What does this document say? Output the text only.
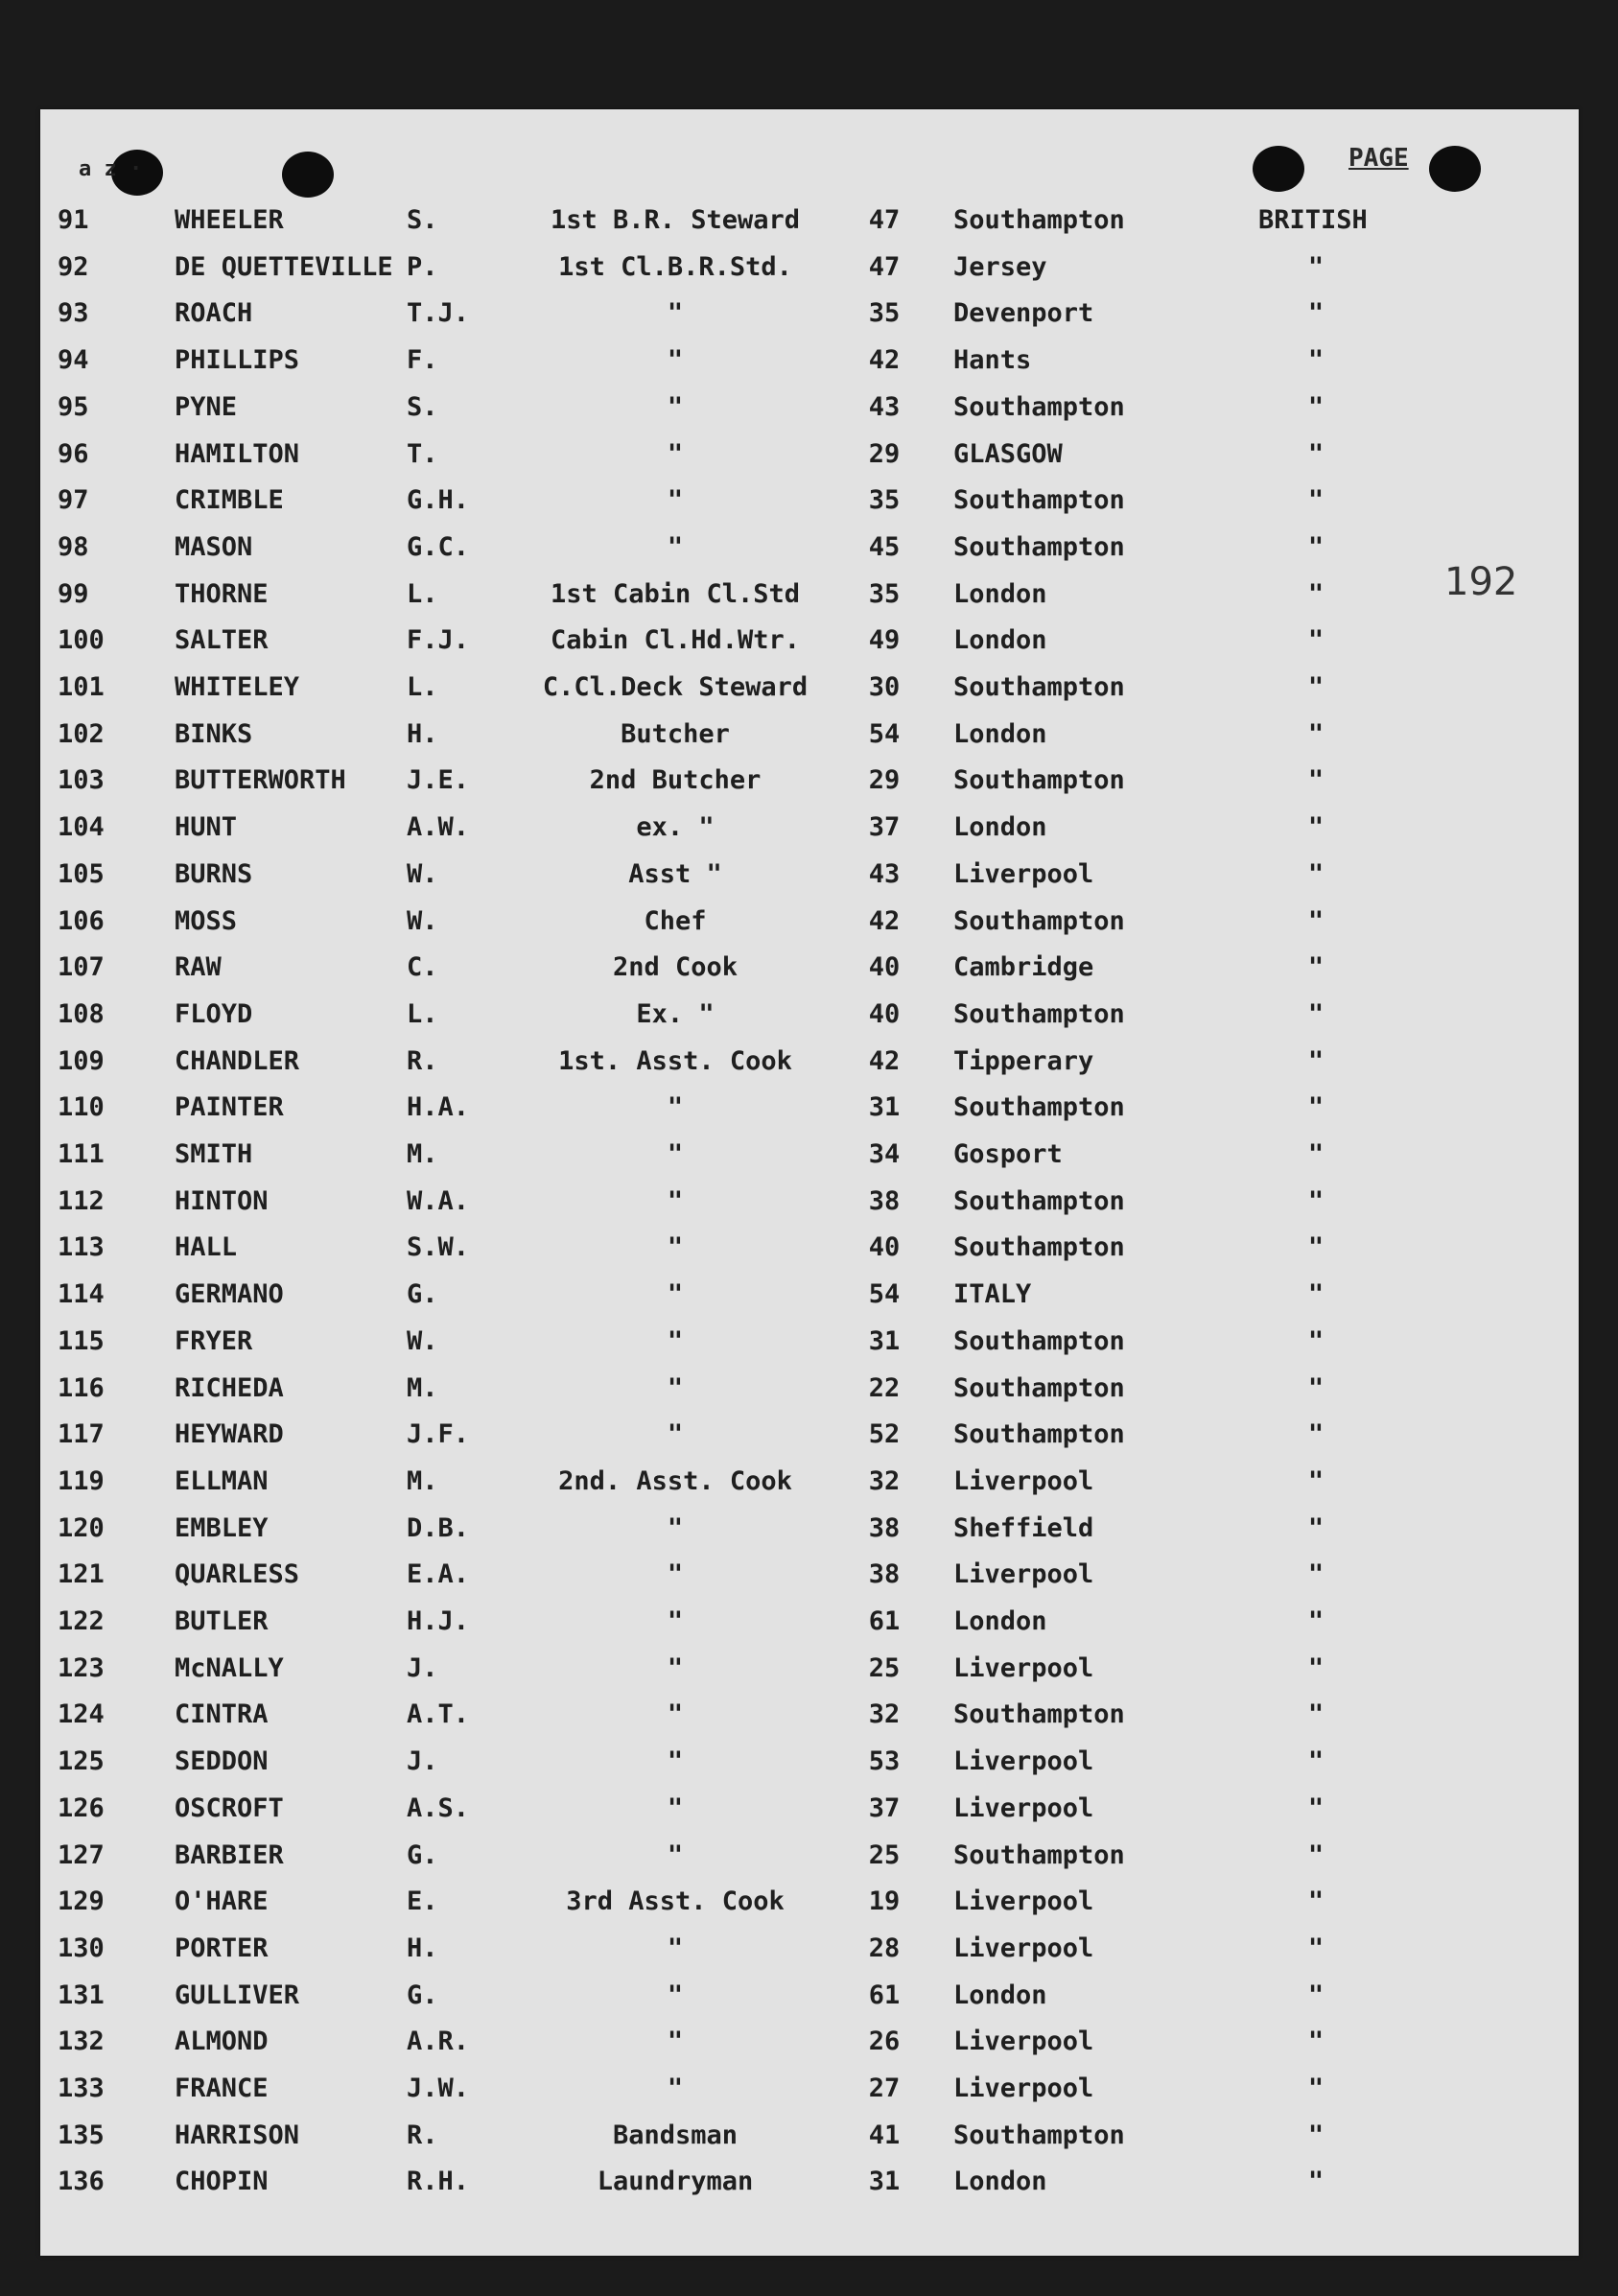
a z ·	PAGE
192
91	WHEELER	S.	1st B.R. Steward	47	Southampton	BRITISH
92	DE QUETTEVILLE P.	1st Cl.B.R.Std.	47	Jersey	"
93	ROACH	T.J.	"	35	Devenport	"
94	PHILLIPS	F.	"	42	Hants	"
95	PYNE	S.	"	43	Southampton	"
96	HAMILTON	T.	"	29	GLASGOW	"
97	CRIMBLE	G.H.	"	35	Southampton	"
98	MASON	G.C.	"	45	Southampton	"
99	THORNE	L.	1st Cabin Cl.Std	35	London	"
100	SALTER	F.J.	Cabin Cl.Hd.Wtr.	49	London	"
101	WHITELEY	L.	C.Cl.Deck Steward	30	Southampton	"
102	BINKS	H.	Butcher	54	London	"
103	BUTTERWORTH J.E.	2nd Butcher	29	Southampton	"
104	HUNT	A.W.	ex. "	37	London	"
105	BURNS	W.	Asst "	43	Liverpool	"
106	MOSS	W.	Chef	42	Southampton	"
107	RAW	C.	2nd Cook	40	Cambridge	"
108	FLOYD	L.	Ex. "	40	Southampton	"
109	CHANDLER	R.	1st. Asst. Cook	42	Tipperary	"
110	PAINTER	H.A.	"	31	Southampton	"
111	SMITH	M.	"	34	Gosport	"
112	HINTON	W.A.	"	38	Southampton	"
113	HALL	S.W.	"	40	Southampton	"
114	GERMANO	G.	"	54	ITALY	"
115	FRYER	W.	"	31	Southampton	"
116	RICHEDA	M.	"	22	Southampton	"
117	HEYWARD	J.F.	"	52	Southampton	"
119	ELLMAN	M.	2nd. Asst. Cook	32	Liverpool	"
120	EMBLEY	D.B.	"	38	Sheffield	"
121	QUARLESS	E.A.	"	38	Liverpool	"
122	BUTLER	H.J.	"	61	London	"
123	McNALLY	J.	"	25	Liverpool	"
124	CINTRA	A.T.	"	32	Southampton	"
125	SEDDON	J.	"	53	Liverpool	"
126	OSCROFT	A.S.	"	37	Liverpool	"
127	BARBIER	G.	"	25	Southampton	"
129	O'HARE	E.	3rd Asst. Cook	19	Liverpool	"
130	PORTER	H.	"	28	Liverpool	"
131	GULLIVER	G.	"	61	London	"
132	ALMOND	A.R.	"	26	Liverpool	"
133	FRANCE	J.W.	"	27	Liverpool	"
135	HARRISON	R.	Bandsman	41	Southampton	"
136	CHOPIN	R.H.	Laundryman	31	London	"
